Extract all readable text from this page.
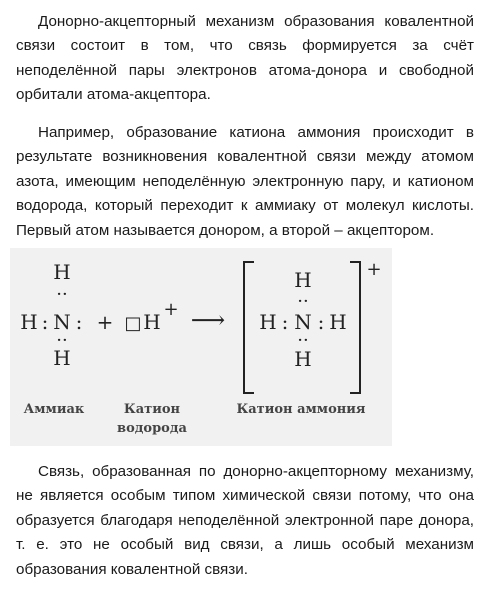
Донорно-акцепторный механизм образования ковалентной связи состоит в том, что связь формируется за счёт неподелённой пары электронов атома-донора и свободной орбитали атома-акцептора.

Например, образование катиона аммония происходит в результате возникновения ковалентной связи между атомом азота, имеющим неподелённую электронную пару, и катионом водорода, который переходит к аммиаку от молекул кислоты. Первый атом называется донором, а второй – акцептором.

H
··
H : N :
··
H
+ □ H
+ ⟶
+
H
··
H : N : H
··
H
Аммиак	Катион
водорода
Катион аммония

Связь, образованная по донорно-акцепторному механизму, не является особым типом химической связи потому, что она образуется благодаря неподелённой электронной паре донора, т. е. это не особый вид связи, а лишь особый механизм образования ковалентной связи.
